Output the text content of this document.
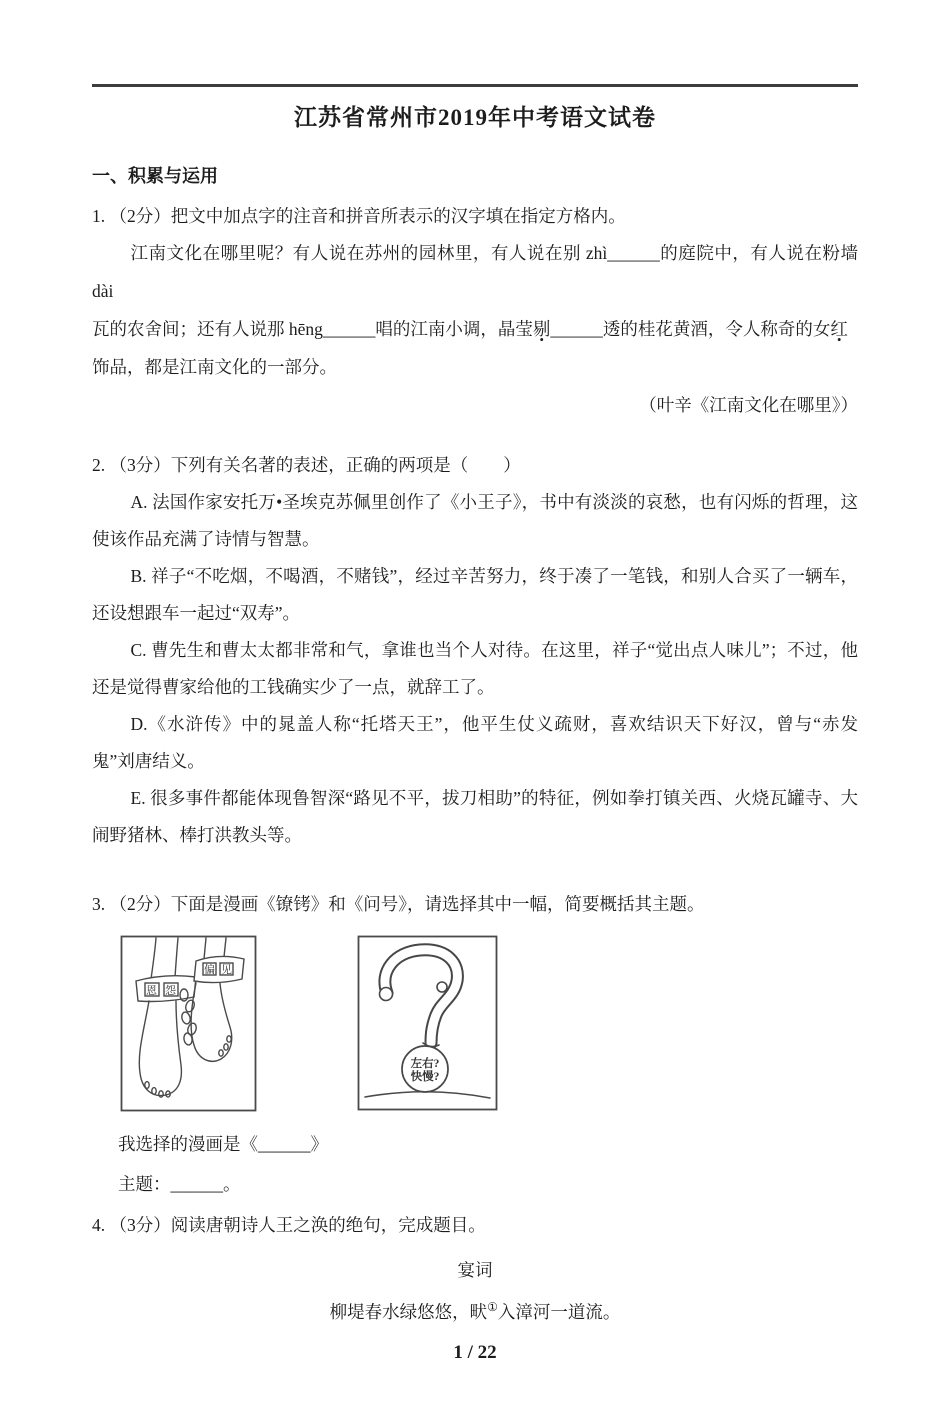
江苏省常州市2019年中考语文试卷
一、积累与运用
1. （2分）把文中加点字的注音和拼音所表示的汉字填在指定方格内。
江南文化在哪里呢？有人说在苏州的园林里，有人说在别 zhì______的庭院中，有人说在粉墙 dài
瓦的农舍间；还有人说那 hēng______唱的江南小调，晶莹剔______透的桂花黄酒，令人称奇的女红
饰品，都是江南文化的一部分。
（叶辛《江南文化在哪里》）
2. （3分）下列有关名著的表述，正确的两项是（　　）
A. 法国作家安托万•圣埃克苏佩里创作了《小王子》，书中有淡淡的哀愁，也有闪烁的哲理，这使该作品充满了诗情与智慧。
B. 祥子“不吃烟，不喝酒，不赌钱”，经过辛苦努力，终于凑了一笔钱，和别人合买了一辆车，还设想跟车一起过“双寿”。
C. 曹先生和曹太太都非常和气，拿谁也当个人对待。在这里，祥子“觉出点人味儿”；不过，他还是觉得曹家给他的工钱确实少了一点，就辞工了。
D.《水浒传》中的晁盖人称“托塔天王”，他平生仗义疏财，喜欢结识天下好汉，曾与“赤发鬼”刘唐结义。
E. 很多事件都能体现鲁智深“路见不平，拔刀相助”的特征，例如拳打镇关西、火烧瓦罐寺、大闹野猪林、棒打洪教头等。
3. （2分）下面是漫画《镣铐》和《问号》，请选择其中一幅，简要概括其主题。
恩怨
偏见
左右?
快慢?
我选择的漫画是《______》
主题：______。
4. （3分）阅读唐朝诗人王之涣的绝句，完成题目。
宴词
柳堤春水绿悠悠，畎①入漳河一道流。
1 / 22
